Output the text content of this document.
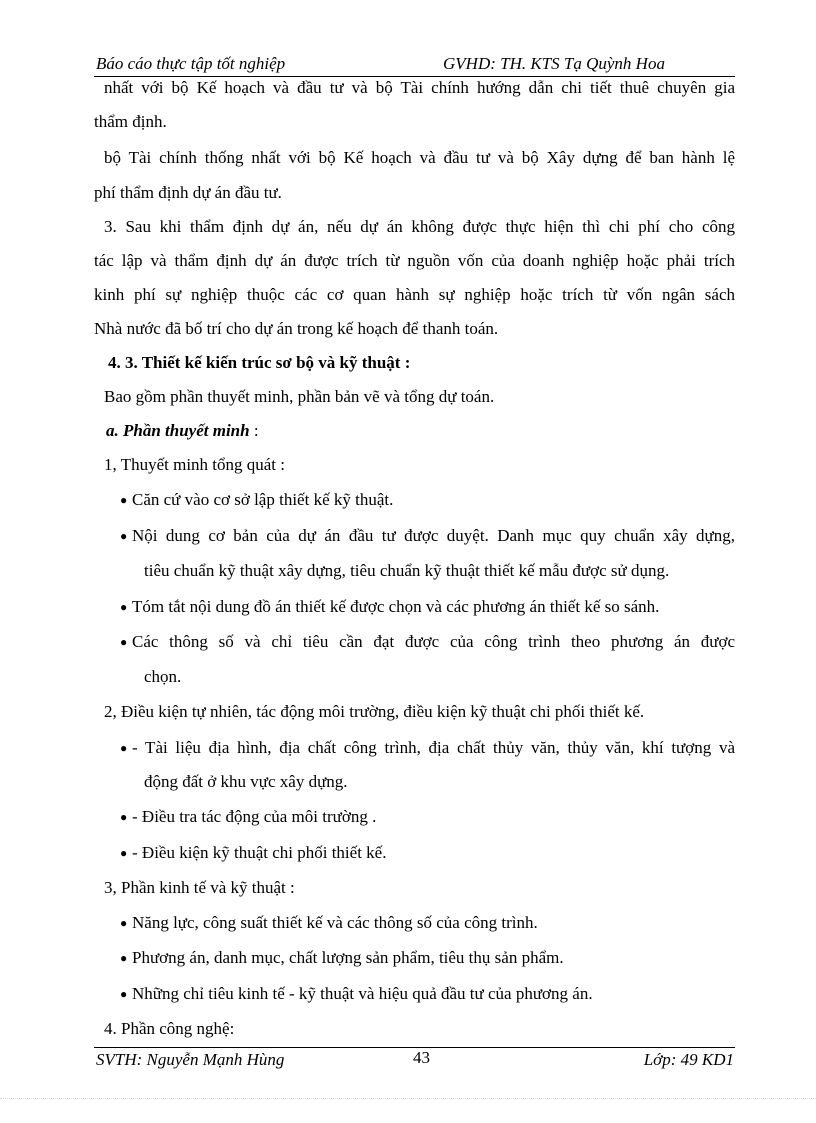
Báo cáo thực tập tốt nghiệp	GVHD: TH. KTS Tạ Quỳnh Hoa
nhất với bộ Kế hoạch và đầu tư và bộ Tài chính hướng dẫn chi tiết thuê chuyên gia
thẩm định.
bộ Tài chính thống nhất với bộ Kế hoạch và đầu tư và bộ Xây dựng để ban hành lệ
phí thẩm định dự án đầu tư.
3. Sau khi thẩm định dự án, nếu dự án không được thực hiện thì chi phí cho công
tác lập và thẩm định dự án được trích từ nguồn vốn của doanh nghiệp hoặc phải trích
kinh phí sự nghiệp thuộc các cơ quan hành sự nghiệp hoặc trích từ vốn ngân sách
Nhà nước đã bố trí cho dự án trong kế hoạch để thanh toán.
4. 3. Thiết kế kiến trúc sơ bộ và kỹ thuật :
Bao gồm phần thuyết minh, phần bản vẽ và tổng dự toán.
a. Phần thuyết minh :
1, Thuyết minh tổng quát :
● Căn cứ vào cơ sở lập thiết kế kỹ thuật.
● Nội dung cơ bản của dự án đầu tư được duyệt. Danh mục quy chuẩn xây dựng,
tiêu chuẩn kỹ thuật xây dựng, tiêu chuẩn kỹ thuật thiết kế mẫu được sử dụng.
● Tóm tắt nội dung đồ án thiết kế được chọn và các phương án thiết kế so sánh.
● Các thông số và chỉ tiêu cần đạt được của công trình theo phương án được
chọn.
2, Điều kiện tự nhiên, tác động môi trường, điều kiện kỹ thuật chi phối thiết kế.
● - Tài liệu địa hình, địa chất công trình, địa chất thủy văn, thủy văn, khí tượng và
động đất ở khu vực xây dựng.
● - Điều tra tác động của môi trường .
● - Điều kiện kỹ thuật chi phối thiết kế.
3, Phần kinh tế và kỹ thuật :
● Năng lực, công suất thiết kế và các thông số của công trình.
● Phương án, danh mục, chất lượng sản phẩm, tiêu thụ sản phẩm.
● Những chỉ tiêu kinh tế - kỹ thuật và hiệu quả đầu tư của phương án.
4. Phần công nghệ:
SVTH: Nguyễn Mạnh Hùng	43	Lớp: 49 KD1
